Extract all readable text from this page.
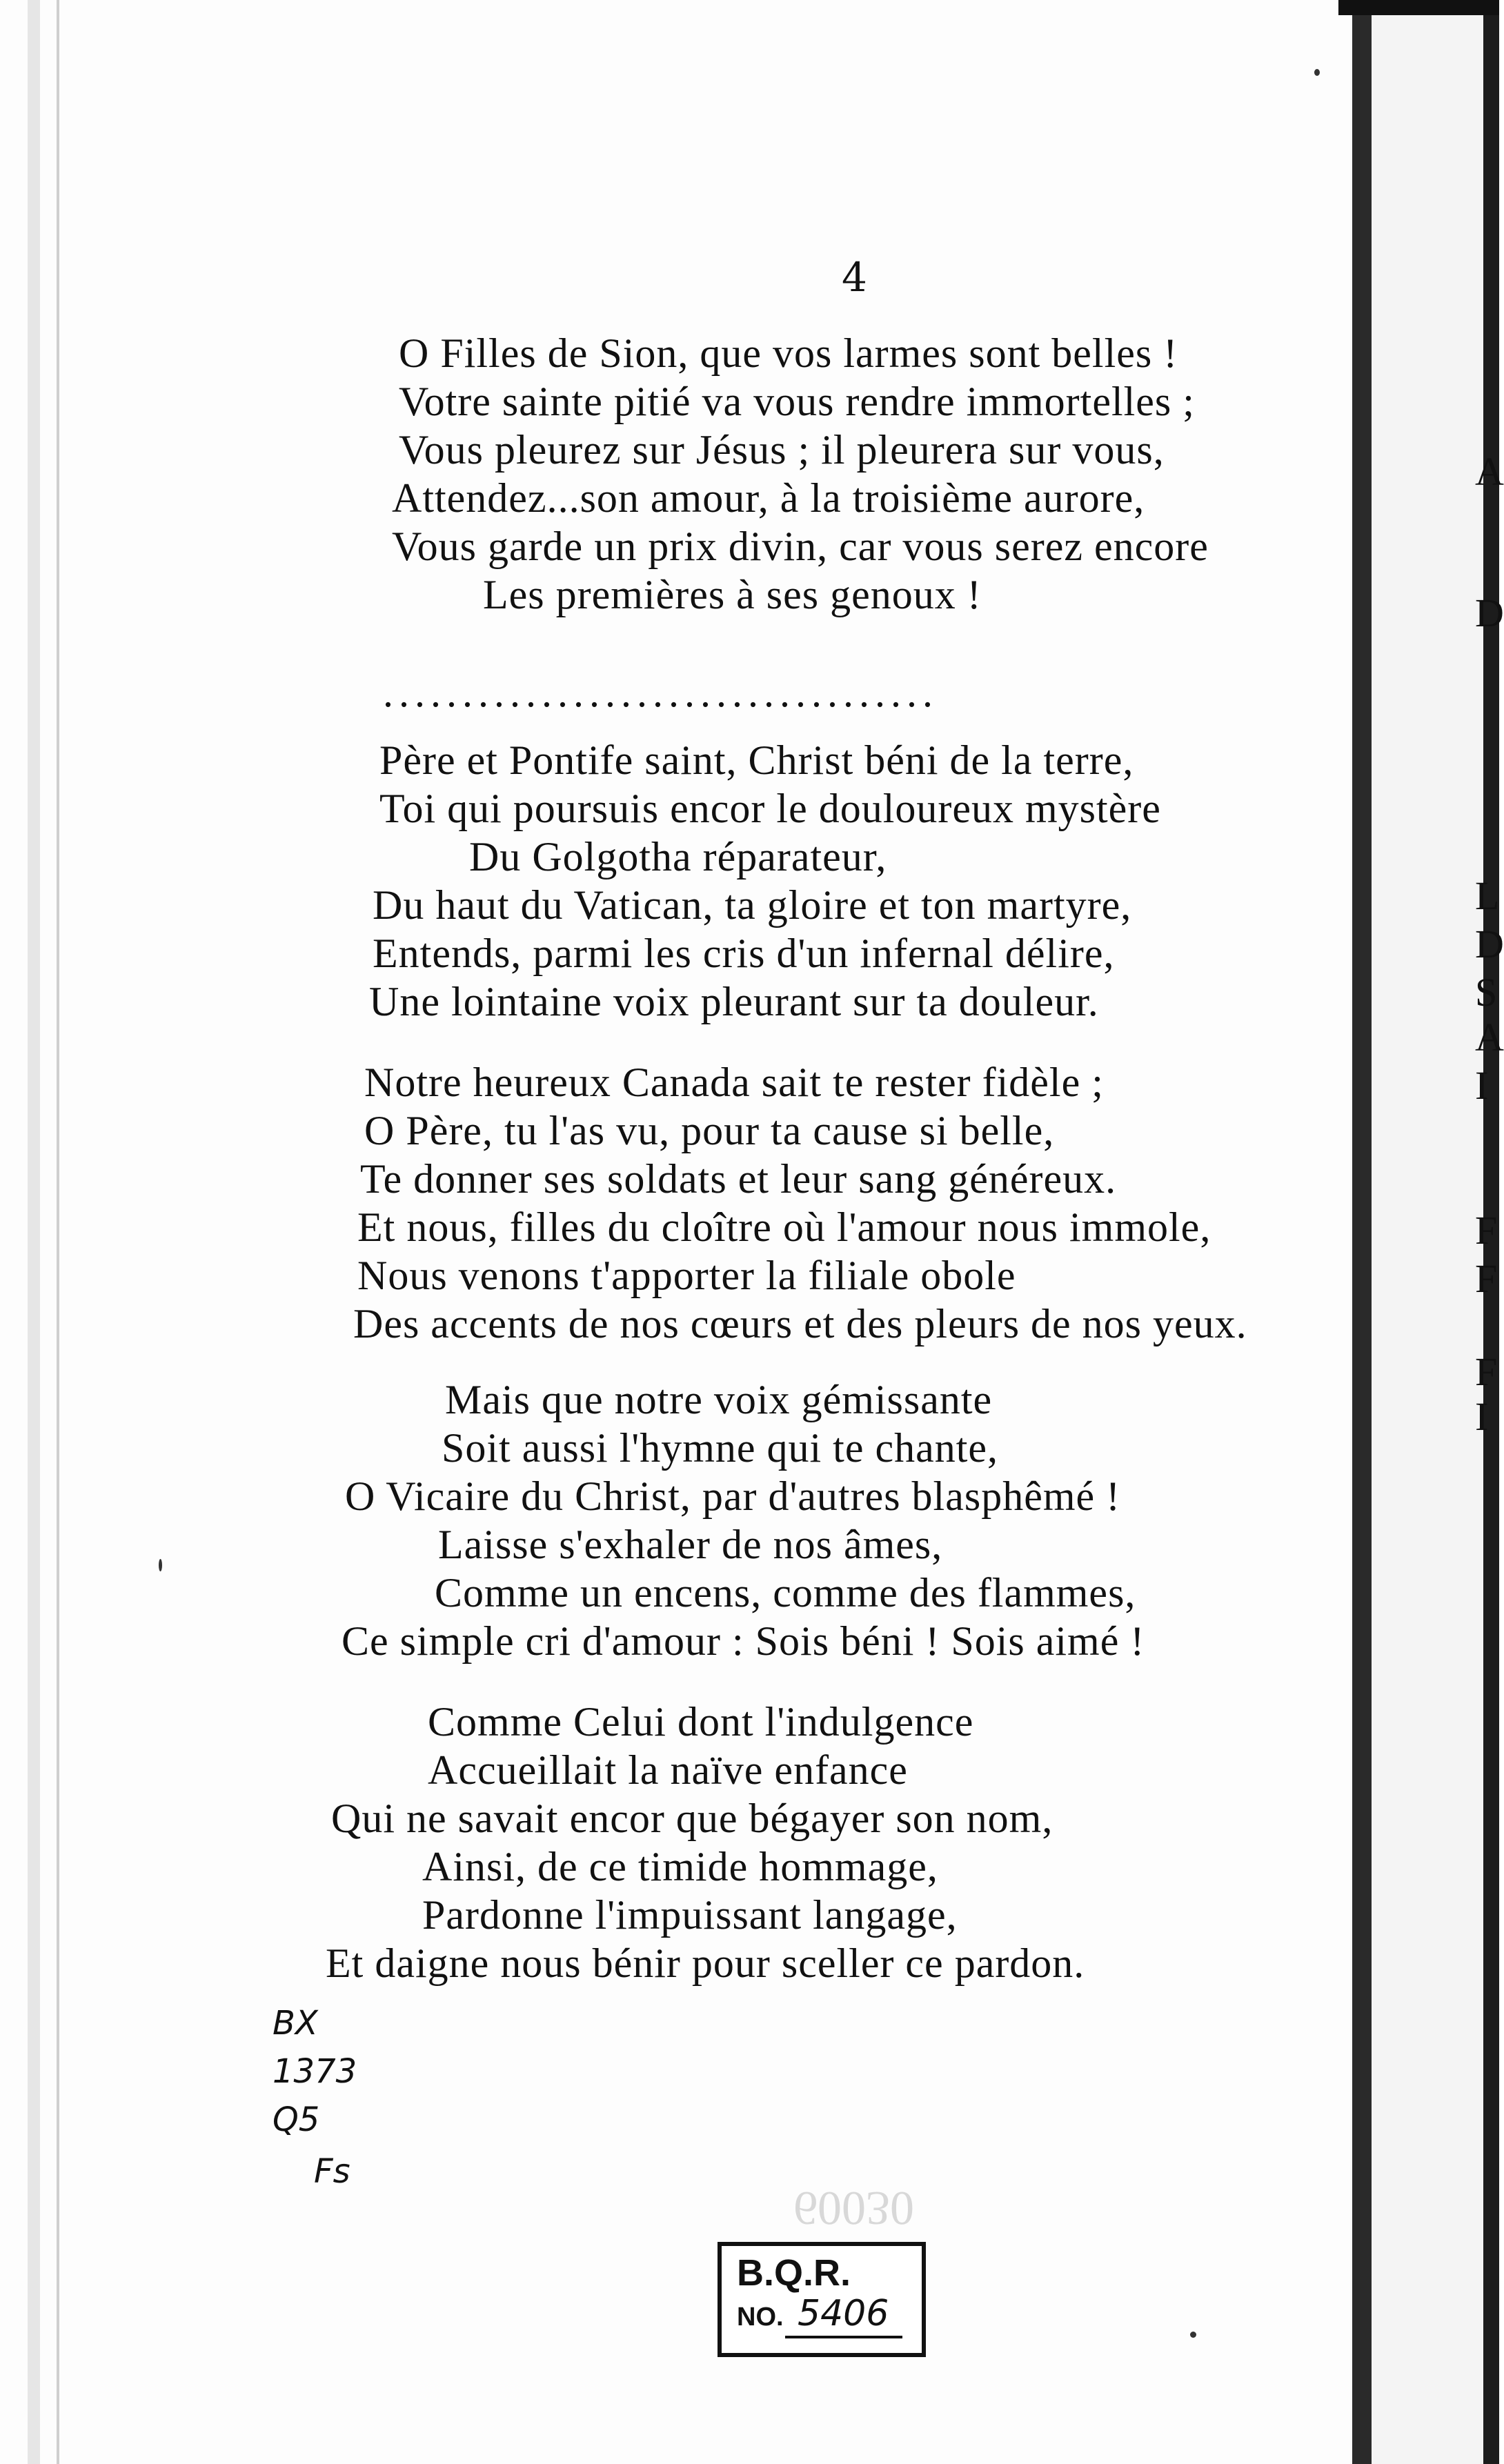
A
D
L
D
S
A
I
F
F
F
I
4
O Filles de Sion, que vos larmes sont belles !
Votre sainte pitié va vous rendre immortelles ;
Vous pleurez sur Jésus ; il pleurera sur vous,
Attendez...son amour, à la troisième aurore,
Vous garde un prix divin, car vous serez encore
Les premières à ses genoux !
...................................
Père et Pontife saint, Christ béni de la terre,
Toi qui poursuis encor le douloureux mystère
Du Golgotha réparateur,
Du haut du Vatican, ta gloire et ton martyre,
Entends, parmi les cris d'un infernal délire,
Une lointaine voix pleurant sur ta douleur.
Notre heureux Canada sait te rester fidèle ;
O Père, tu l'as vu, pour ta cause si belle,
Te donner ses soldats et leur sang généreux.
Et nous, filles du cloître où l'amour nous immole,
Nous venons t'apporter la filiale obole
Des accents de nos cœurs et des pleurs de nos yeux.
Mais que notre voix gémissante
Soit aussi l'hymne qui te chante,
O Vicaire du Christ, par d'autres blasphêmé !
Laisse s'exhaler de nos âmes,
Comme un encens, comme des flammes,
Ce simple cri d'amour : Sois béni ! Sois aimé !
Comme Celui dont l'indulgence
Accueillait la naïve enfance
Qui ne savait encor que bégayer son nom,
Ainsi, de ce timide hommage,
Pardonne l'impuissant langage,
Et daigne nous bénir pour sceller ce pardon.
BX
1373
Q5
Fs
60030
B.Q.R.
NO. 5406
